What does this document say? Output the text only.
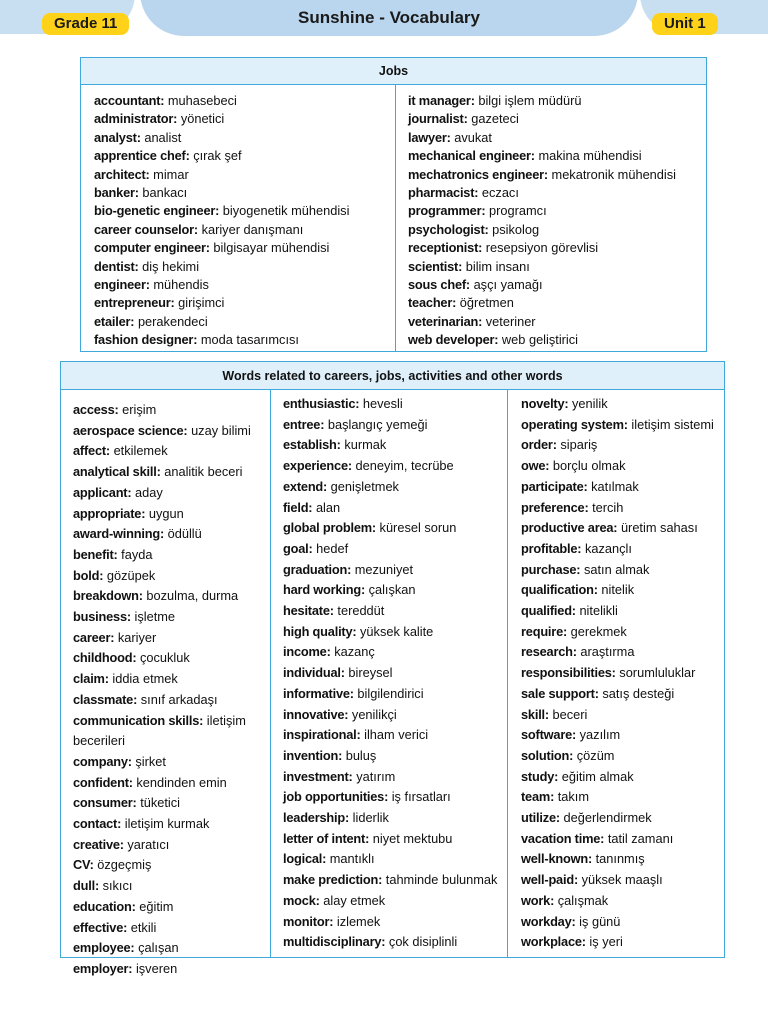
Sunshine - Vocabulary
Grade 11	Unit 1
Jobs
accountant: muhasebeci
administrator: yönetici
analyst: analist
apprentice chef: çırak şef
architect: mimar
banker: bankacı
bio-genetic engineer: biyogenetik mühendisi
career counselor: kariyer danışmanı
computer engineer: bilgisayar mühendisi
dentist: diş hekimi
engineer: mühendis
entrepreneur: girişimci
etailer: perakendeci
fashion designer: moda tasarımcısı
it manager: bilgi işlem müdürü
journalist: gazeteci
lawyer: avukat
mechanical engineer: makina mühendisi
mechatronics engineer: mekatronik mühendisi
pharmacist: eczacı
programmer: programcı
psychologist: psikolog
receptionist: resepsiyon görevlisi
scientist: bilim insanı
sous chef: aşçı yamağı
teacher: öğretmen
veterinarian: veteriner
web developer: web geliştirici
Words related to careers, jobs, activities and other words
access: erişim
aerospace science: uzay bilimi
affect: etkilemek
analytical skill: analitik beceri
applicant: aday
appropriate: uygun
award-winning: ödüllü
benefit: fayda
bold: gözüpek
breakdown: bozulma, durma
business: işletme
career: kariyer
childhood: çocukluk
claim: iddia etmek
classmate: sınıf arkadaşı
communication skills: iletişim becerileri
company: şirket
confident: kendinden emin
consumer: tüketici
contact: iletişim kurmak
creative: yaratıcı
CV: özgeçmiş
dull: sıkıcı
education: eğitim
effective: etkili
employee: çalışan
employer: işveren
enthusiastic: hevesli
entree: başlangıç yemeği
establish: kurmak
experience: deneyim, tecrübe
extend: genişletmek
field: alan
global problem: küresel sorun
goal: hedef
graduation: mezuniyet
hard working: çalışkan
hesitate: tereddüt
high quality: yüksek kalite
income: kazanç
individual: bireysel
informative: bilgilendirici
innovative: yenilikçi
inspirational: ilham verici
invention: buluş
investment: yatırım
job opportunities: iş fırsatları
leadership: liderlik
letter of intent: niyet mektubu
logical: mantıklı
make prediction: tahminde bulunmak
mock: alay etmek
monitor: izlemek
multidisciplinary: çok disiplinli
novelty: yenilik
operating system: iletişim sistemi
order: sipariş
owe: borçlu olmak
participate: katılmak
preference: tercih
productive area: üretim sahası
profitable: kazançlı
purchase: satın almak
qualification: nitelik
qualified: nitelikli
require: gerekmek
research: araştırma
responsibilities: sorumluluklar
sale support: satış desteği
skill: beceri
software: yazılım
solution: çözüm
study: eğitim almak
team: takım
utilize: değerlendirmek
vacation time: tatil zamanı
well-known: tanınmış
well-paid: yüksek maaşlı
work: çalışmak
workday: iş günü
workplace: iş yeri
